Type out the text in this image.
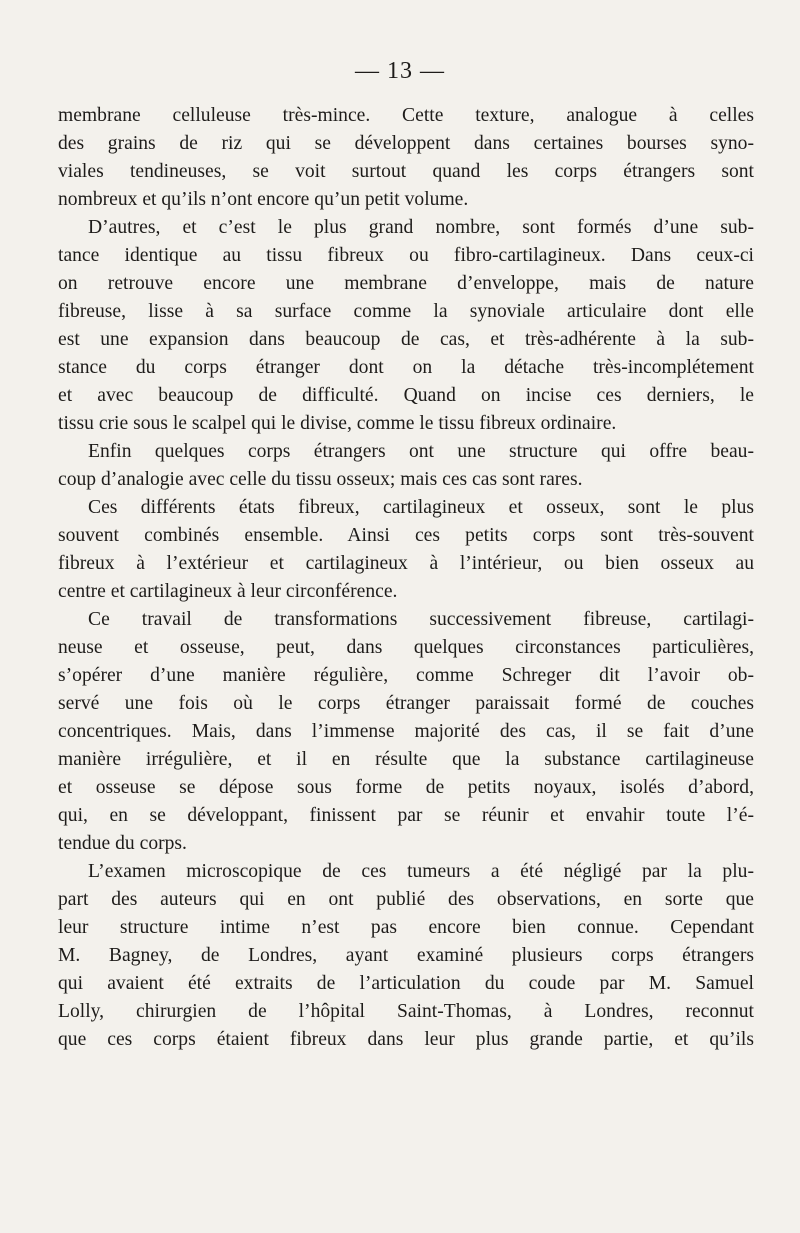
— 13 —
membrane celluleuse très-mince. Cette texture, analogue à celles
des grains de riz qui se développent dans certaines bourses syno-
viales tendineuses, se voit surtout quand les corps étrangers sont
nombreux et qu’ils n’ont encore qu’un petit volume.
D’autres, et c’est le plus grand nombre, sont formés d’une sub-
tance identique au tissu fibreux ou fibro-cartilagineux. Dans ceux-ci
on retrouve encore une membrane d’enveloppe, mais de nature
fibreuse, lisse à sa surface comme la synoviale articulaire dont elle
est une expansion dans beaucoup de cas, et très-adhérente à la sub-
stance du corps étranger dont on la détache très-incomplétement
et avec beaucoup de difficulté. Quand on incise ces derniers, le
tissu crie sous le scalpel qui le divise, comme le tissu fibreux ordinaire.
Enfin quelques corps étrangers ont une structure qui offre beau-
coup d’analogie avec celle du tissu osseux; mais ces cas sont rares.
Ces différents états fibreux, cartilagineux et osseux, sont le plus
souvent combinés ensemble. Ainsi ces petits corps sont très-souvent
fibreux à l’extérieur et cartilagineux à l’intérieur, ou bien osseux au
centre et cartilagineux à leur circonférence.
Ce travail de transformations successivement fibreuse, cartilagi-
neuse et osseuse, peut, dans quelques circonstances particulières,
s’opérer d’une manière régulière, comme Schreger dit l’avoir ob-
servé une fois où le corps étranger paraissait formé de couches
concentriques. Mais, dans l’immense majorité des cas, il se fait d’une
manière irrégulière, et il en résulte que la substance cartilagineuse
et osseuse se dépose sous forme de petits noyaux, isolés d’abord,
qui, en se développant, finissent par se réunir et envahir toute l’é-
tendue du corps.
L’examen microscopique de ces tumeurs a été négligé par la plu-
part des auteurs qui en ont publié des observations, en sorte que
leur structure intime n’est pas encore bien connue. Cependant
M. Bagney, de Londres, ayant examiné plusieurs corps étrangers
qui avaient été extraits de l’articulation du coude par M. Samuel
Lolly, chirurgien de l’hôpital Saint-Thomas, à Londres, reconnut
que ces corps étaient fibreux dans leur plus grande partie, et qu’ils
